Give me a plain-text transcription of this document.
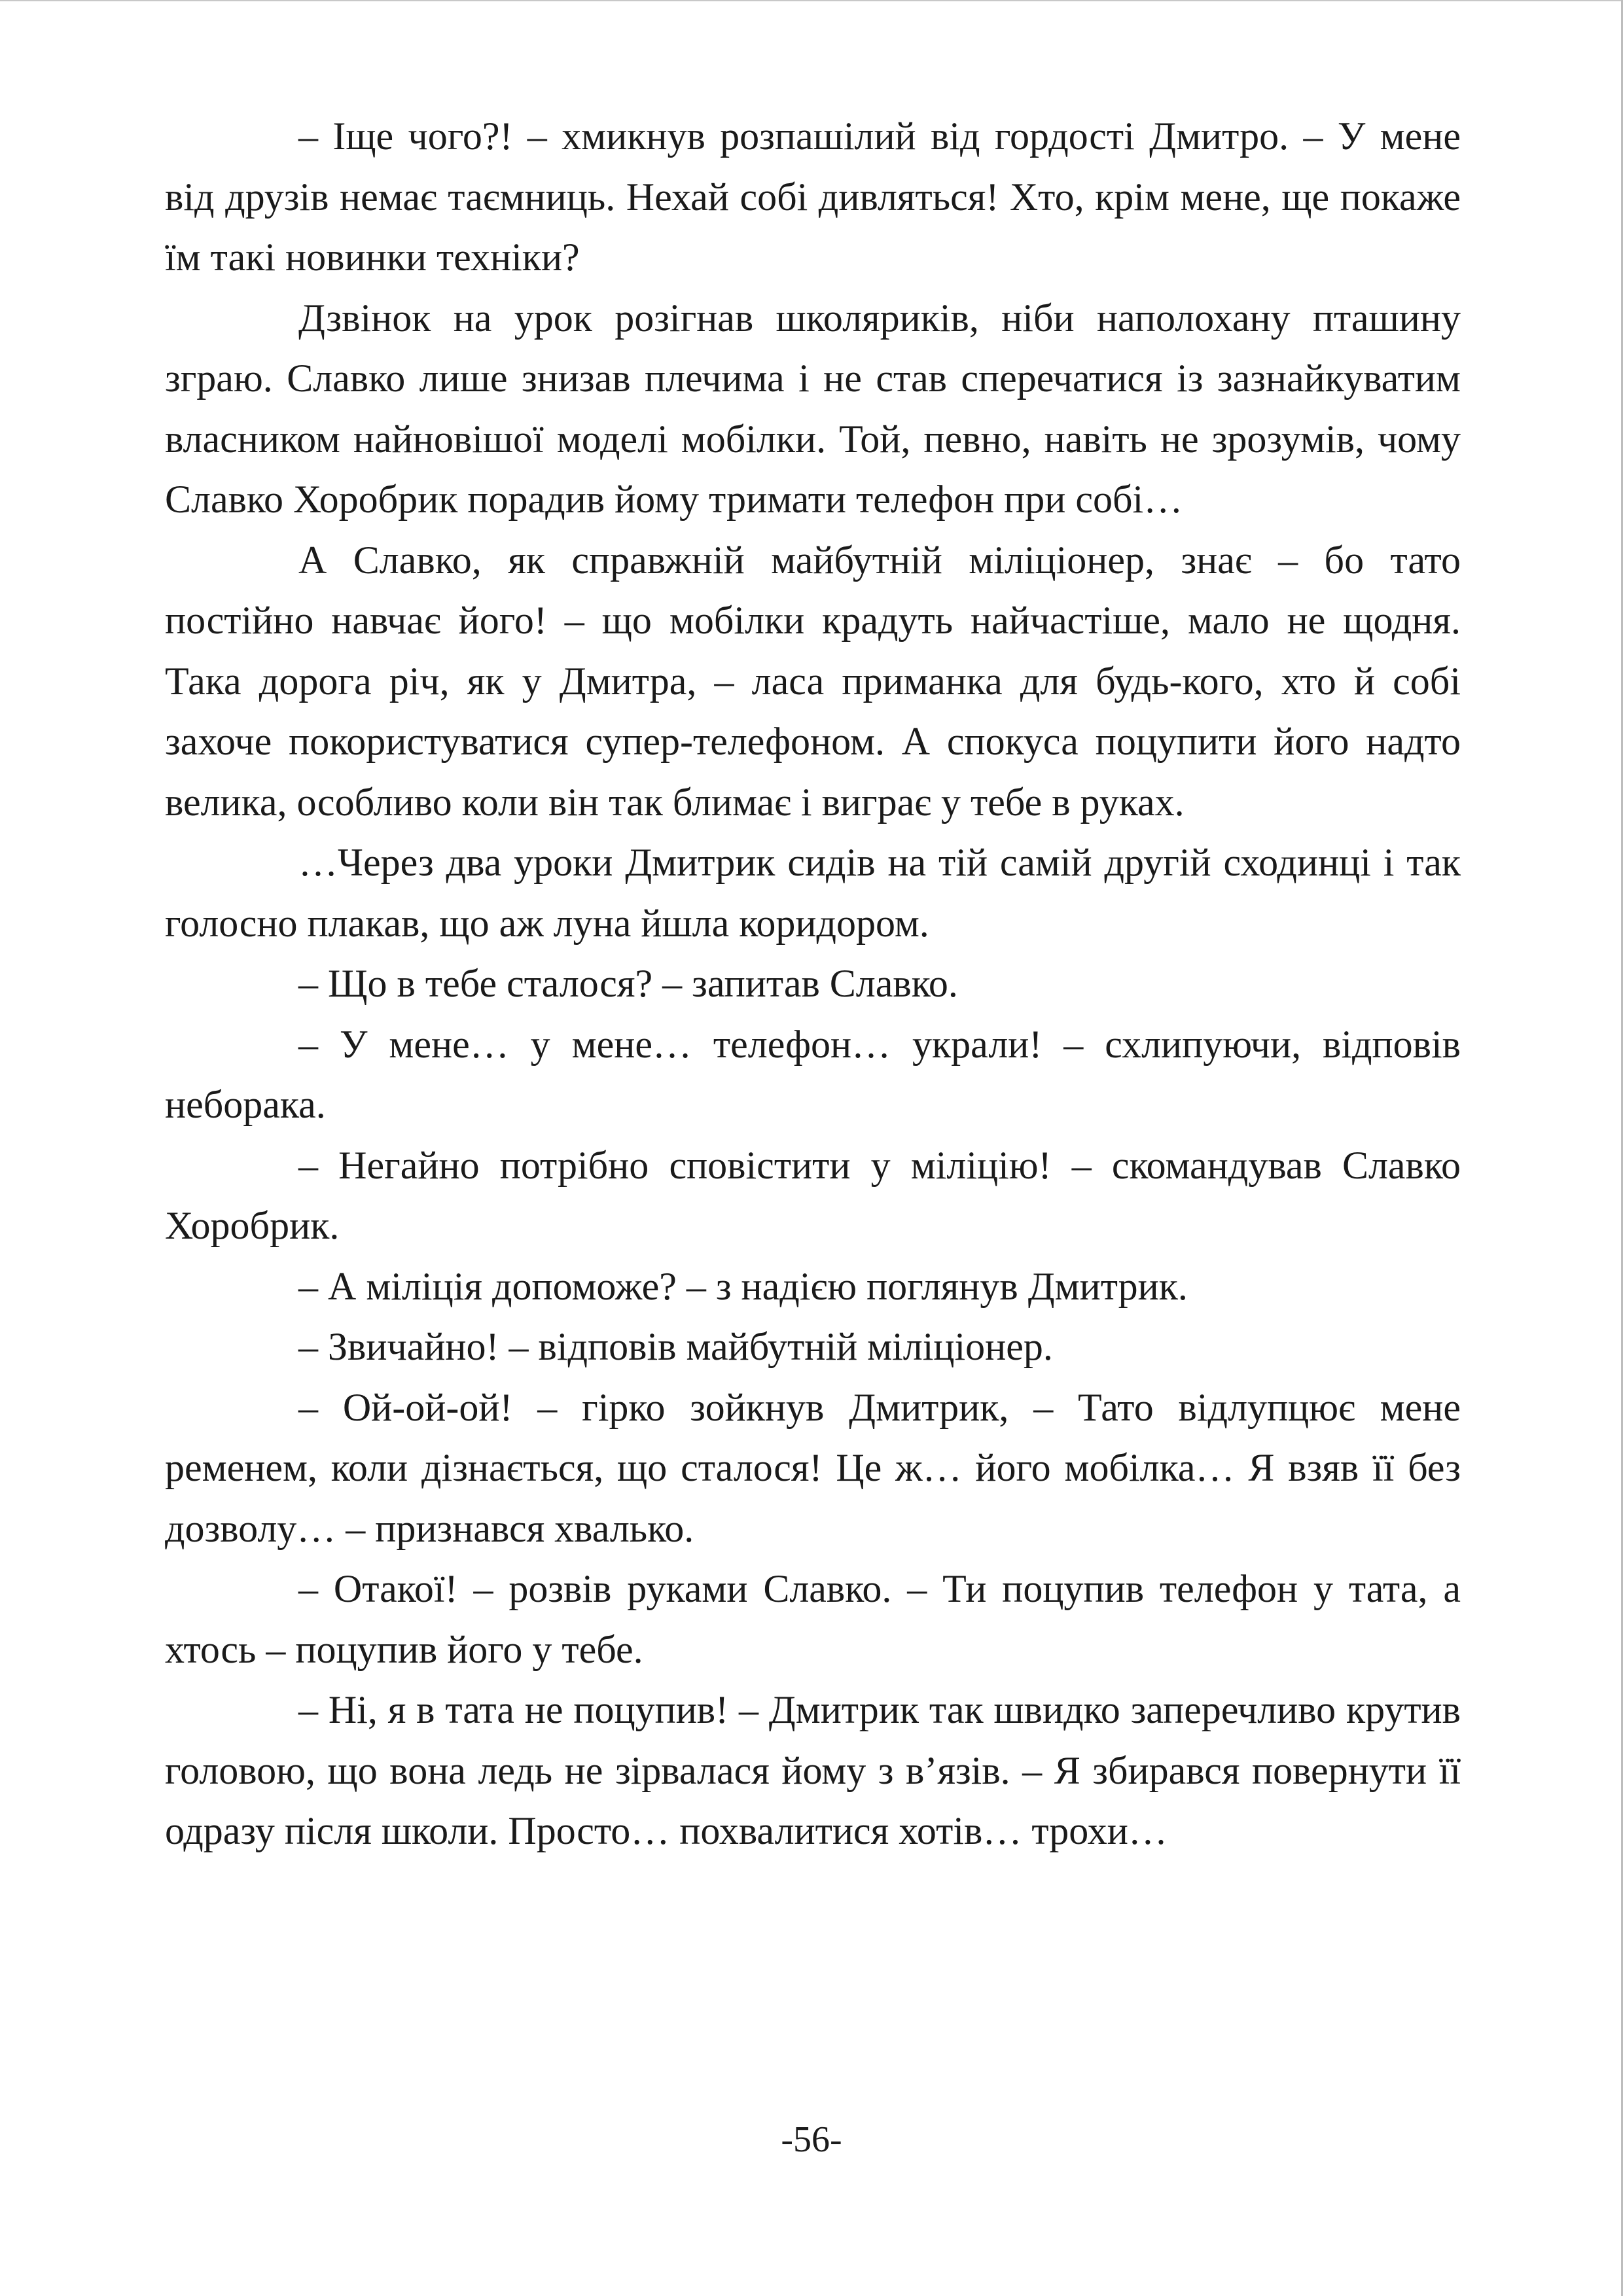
– Іще чого?! – хмикнув розпашілий від гордості Дмитро. – У мене від друзів немає таємниць. Нехай собі дивляться! Хто, крім мене, ще покаже їм такі новинки техніки?

Дзвінок на урок розігнав школяриків, ніби наполохану пташину зграю. Славко лише знизав плечима і не став сперечатися із зазнайкуватим власником найновішої моделі мобілки. Той, певно, навіть не зрозумів, чому Славко Хоробрик порадив йому тримати телефон при собі…

А Славко, як справжній майбутній міліціонер, знає – бо тато постійно навчає його! – що мобілки крадуть найчастіше, мало не щодня. Така дорога річ, як у Дмитра, – ласа приманка для будь-кого, хто й собі захоче покористуватися супер-телефоном. А спокуса поцупити його надто велика, особливо коли він так блимає і виграє у тебе в руках.

…Через два уроки Дмитрик сидів на тій самій другій сходинці і так голосно плакав, що аж луна йшла коридором.

– Що в тебе сталося? – запитав Славко.

– У мене… у мене… телефон… украли! – схлипуючи, відповів неборака.

– Негайно потрібно сповістити у міліцію! – скомандував Славко Хоробрик.

– А міліція допоможе? – з надією поглянув Дмитрик.

– Звичайно! – відповів майбутній міліціонер.

– Ой-ой-ой! – гірко зойкнув Дмитрик, – Тато відлупцює мене ременем, коли дізнається, що сталося! Це ж… його мобілка… Я взяв її без дозволу… – признався хвалько.

– Отакої! – розвів руками Славко. – Ти поцупив телефон у тата, а хтось – поцупив його у тебе.

– Ні, я в тата не поцупив! – Дмитрик так швидко заперечливо крутив головою, що вона ледь не зірвалася йому з в’язів. – Я збирався повернути її одразу після школи. Просто… похвалитися хотів… трохи…

-56-
